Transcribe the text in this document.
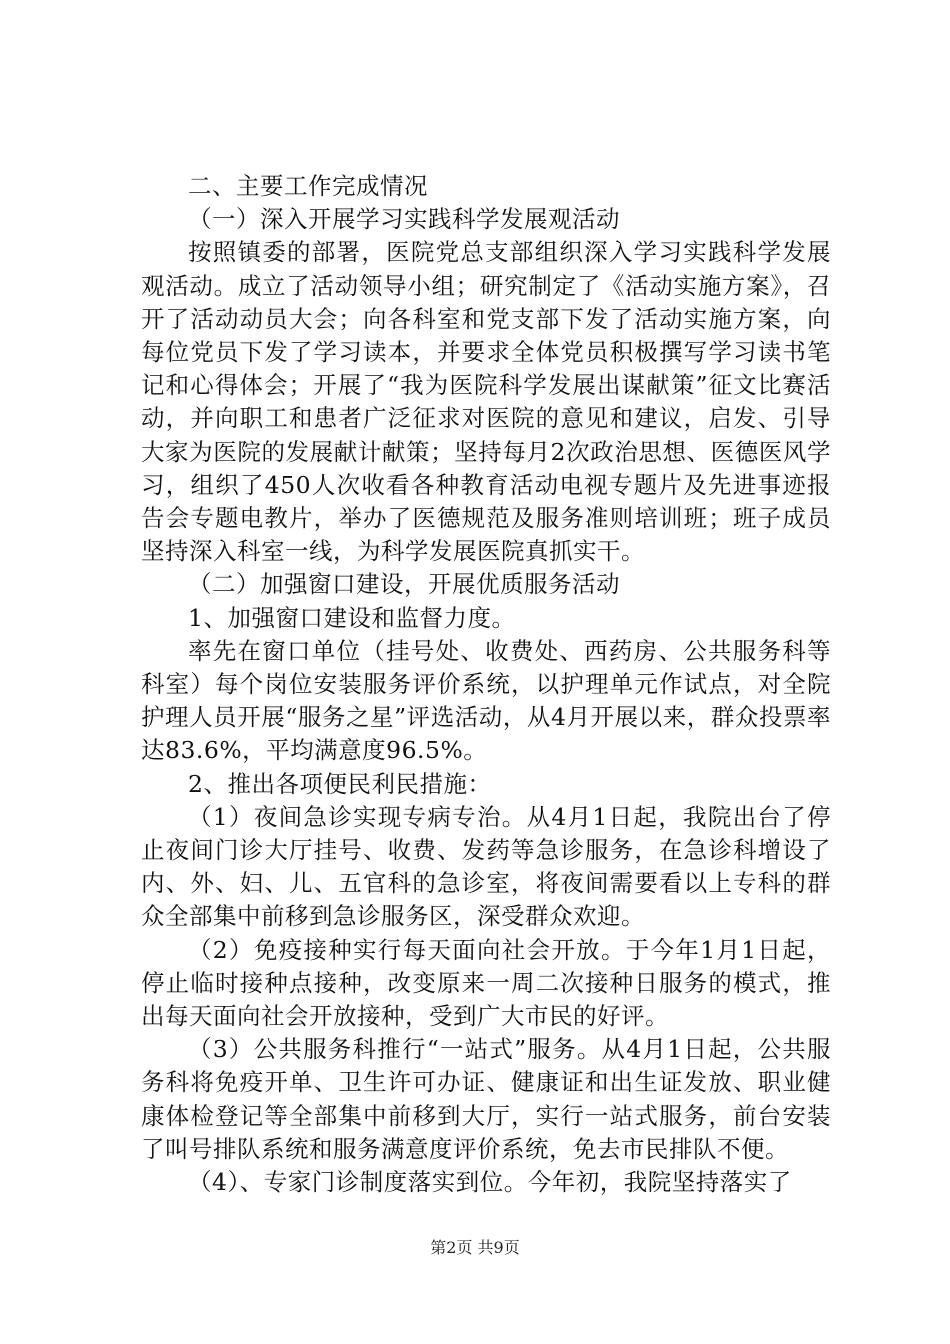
二、主要工作完成情况

（一）深入开展学习实践科学发展观活动

按照镇委的部署，医院党总支部组织深入学习实践科学发展观活动。成立了活动领导小组；研究制定了《活动实施方案》，召开了活动动员大会；向各科室和党支部下发了活动实施方案，向每位党员下发了学习读本，并要求全体党员积极撰写学习读书笔记和心得体会；开展了“我为医院科学发展出谋献策”征文比赛活动，并向职工和患者广泛征求对医院的意见和建议，启发、引导大家为医院的发展献计献策；坚持每月2次政治思想、医德医风学习，组织了450人次收看各种教育活动电视专题片及先进事迹报告会专题电教片，举办了医德规范及服务准则培训班；班子成员坚持深入科室一线，为科学发展医院真抓实干。

（二）加强窗口建设，开展优质服务活动

1、加强窗口建设和监督力度。

率先在窗口单位（挂号处、收费处、西药房、公共服务科等科室）每个岗位安装服务评价系统，以护理单元作试点，对全院护理人员开展“服务之星”评选活动，从4月开展以来，群众投票率达83.6%，平均满意度96.5%。

2、推出各项便民利民措施：

（1）夜间急诊实现专病专治。从4月1日起，我院出台了停止夜间门诊大厅挂号、收费、发药等急诊服务，在急诊科增设了内、外、妇、儿、五官科的急诊室，将夜间需要看以上专科的群众全部集中前移到急诊服务区，深受群众欢迎。

（2）免疫接种实行每天面向社会开放。于今年1月1日起，停止临时接种点接种，改变原来一周二次接种日服务的模式，推出每天面向社会开放接种，受到广大市民的好评。

（3）公共服务科推行“一站式”服务。从4月1日起，公共服务科将免疫开单、卫生许可办证、健康证和出生证发放、职业健康体检登记等全部集中前移到大厅，实行一站式服务，前台安装了叫号排队系统和服务满意度评价系统，免去市民排队不便。

（4）、专家门诊制度落实到位。今年初，我院坚持落实了

第2页 共9页
